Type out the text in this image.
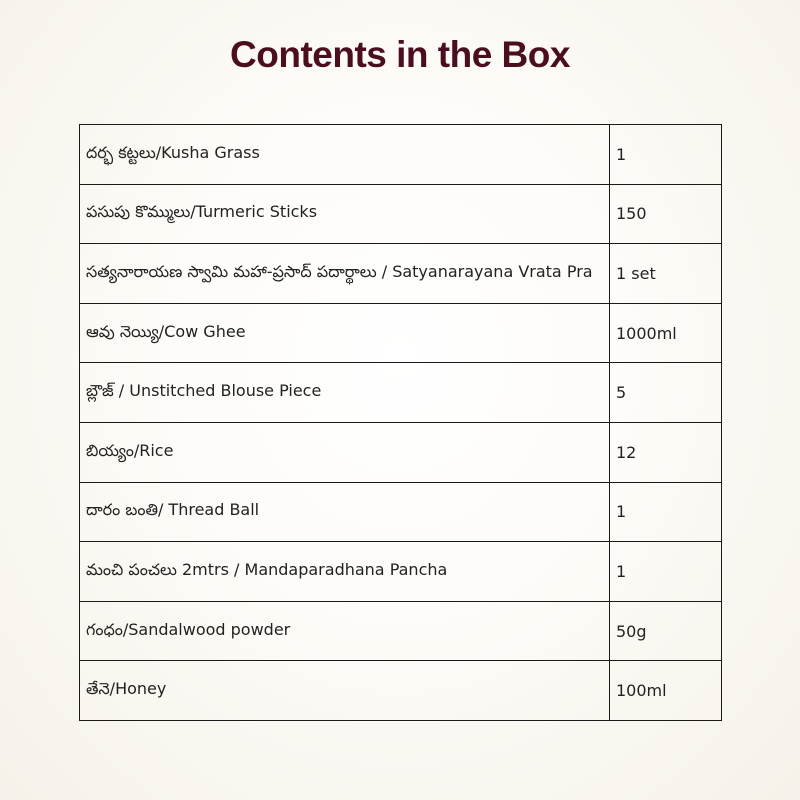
Contents in the Box
దర్భ కట్టలు/Kusha Grass	1
పసుపు కొమ్ములు/Turmeric Sticks	150
సత్యనారాయణ స్వామి మహా-ప్రసాద్ పదార్థాలు / Satyanarayana Vrata Pra	1 set
ఆవు నెయ్యి/Cow Ghee	1000ml
బ్లౌజ్ / Unstitched Blouse Piece	5
బియ్యం/Rice	12
దారం బంతి/ Thread Ball	1
మంచి పంచలు 2mtrs / Mandaparadhana Pancha	1
గంధం/Sandalwood powder	50g
తేనె/Honey	100ml
